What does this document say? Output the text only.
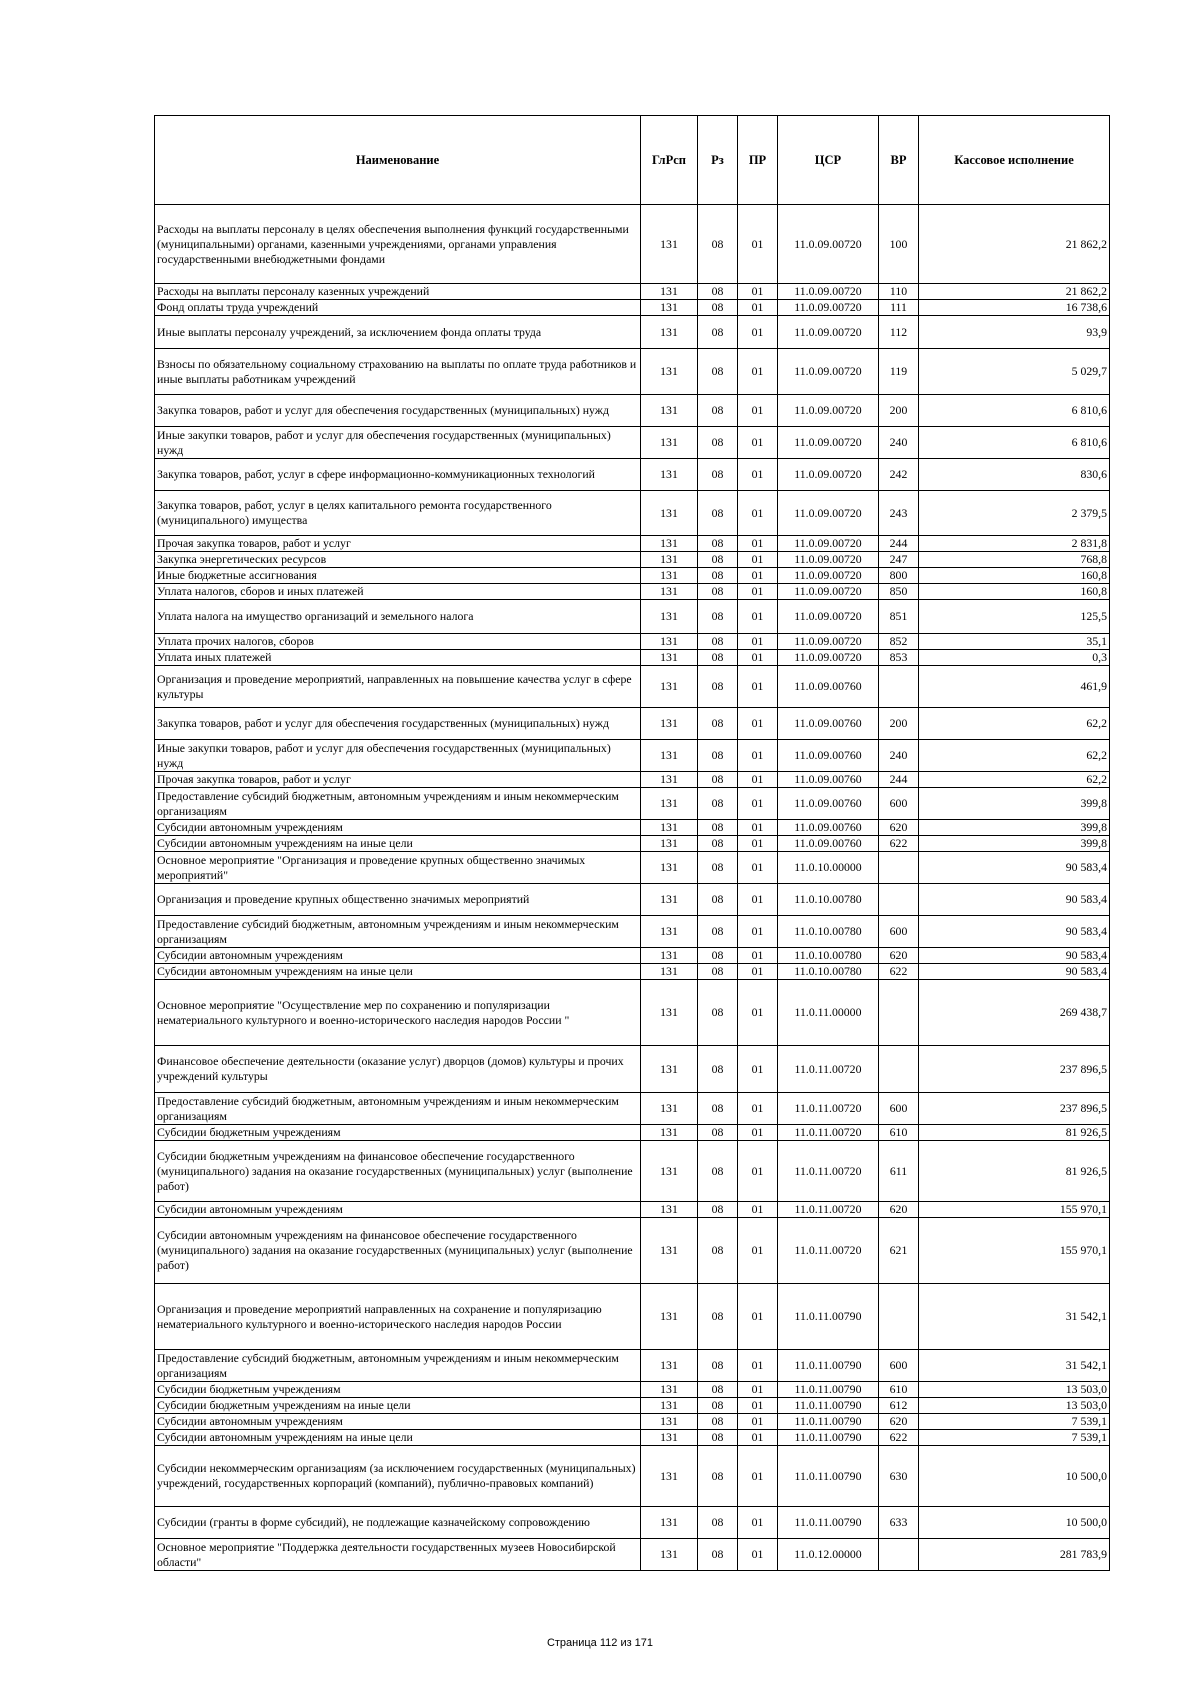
Наименование	ГлРсп	Рз	ПР	ЦСР	ВР	Кассовое исполнение
Расходы на выплаты персоналу в целях обеспечения выполнения функций государственными (муниципальными) органами, казенными учреждениями, органами управления государственными внебюджетными фондами	131	08	01	11.0.09.00720	100	21 862,2
Расходы на выплаты персоналу казенных учреждений	131	08	01	11.0.09.00720	110	21 862,2
Фонд оплаты труда учреждений	131	08	01	11.0.09.00720	111	16 738,6
Иные выплаты персоналу учреждений, за исключением фонда оплаты труда	131	08	01	11.0.09.00720	112	93,9
Взносы по обязательному социальному страхованию на выплаты по оплате труда работников и иные выплаты работникам учреждений	131	08	01	11.0.09.00720	119	5 029,7
Закупка товаров, работ и услуг для обеспечения государственных (муниципальных) нужд	131	08	01	11.0.09.00720	200	6 810,6
Иные закупки товаров, работ и услуг для обеспечения государственных (муниципальных) нужд	131	08	01	11.0.09.00720	240	6 810,6
Закупка товаров, работ, услуг в сфере информационно-коммуникационных технологий	131	08	01	11.0.09.00720	242	830,6
Закупка товаров, работ, услуг в целях капитального ремонта государственного (муниципального) имущества	131	08	01	11.0.09.00720	243	2 379,5
Прочая закупка товаров, работ и услуг	131	08	01	11.0.09.00720	244	2 831,8
Закупка энергетических ресурсов	131	08	01	11.0.09.00720	247	768,8
Иные бюджетные ассигнования	131	08	01	11.0.09.00720	800	160,8
Уплата налогов, сборов и иных платежей	131	08	01	11.0.09.00720	850	160,8
Уплата налога на имущество организаций и земельного налога	131	08	01	11.0.09.00720	851	125,5
Уплата прочих налогов, сборов	131	08	01	11.0.09.00720	852	35,1
Уплата иных платежей	131	08	01	11.0.09.00720	853	0,3
Организация и проведение мероприятий, направленных на повышение качества услуг в сфере культуры	131	08	01	11.0.09.00760		461,9
Закупка товаров, работ и услуг для обеспечения государственных (муниципальных) нужд	131	08	01	11.0.09.00760	200	62,2
Иные закупки товаров, работ и услуг для обеспечения государственных (муниципальных) нужд	131	08	01	11.0.09.00760	240	62,2
Прочая закупка товаров, работ и услуг	131	08	01	11.0.09.00760	244	62,2
Предоставление субсидий бюджетным, автономным учреждениям и иным некоммерческим организациям	131	08	01	11.0.09.00760	600	399,8
Субсидии автономным учреждениям	131	08	01	11.0.09.00760	620	399,8
Субсидии автономным учреждениям на иные цели	131	08	01	11.0.09.00760	622	399,8
Основное мероприятие "Организация и проведение крупных общественно значимых мероприятий"	131	08	01	11.0.10.00000		90 583,4
Организация и проведение крупных общественно значимых мероприятий	131	08	01	11.0.10.00780		90 583,4
Предоставление субсидий бюджетным, автономным учреждениям и иным некоммерческим организациям	131	08	01	11.0.10.00780	600	90 583,4
Субсидии автономным учреждениям	131	08	01	11.0.10.00780	620	90 583,4
Субсидии автономным учреждениям на иные цели	131	08	01	11.0.10.00780	622	90 583,4
Основное мероприятие "Осуществление мер по сохранению и популяризации нематериального культурного и военно-исторического наследия народов России "	131	08	01	11.0.11.00000		269 438,7
Финансовое обеспечение деятельности (оказание услуг) дворцов (домов) культуры и прочих учреждений культуры	131	08	01	11.0.11.00720		237 896,5
Предоставление субсидий бюджетным, автономным учреждениям и иным некоммерческим организациям	131	08	01	11.0.11.00720	600	237 896,5
Субсидии бюджетным учреждениям	131	08	01	11.0.11.00720	610	81 926,5
Субсидии бюджетным учреждениям на финансовое обеспечение государственного (муниципального) задания на оказание государственных (муниципальных) услуг (выполнение работ)	131	08	01	11.0.11.00720	611	81 926,5
Субсидии автономным учреждениям	131	08	01	11.0.11.00720	620	155 970,1
Субсидии автономным учреждениям на финансовое обеспечение государственного (муниципального) задания на оказание государственных (муниципальных) услуг (выполнение работ)	131	08	01	11.0.11.00720	621	155 970,1
Организация и проведение мероприятий направленных на сохранение и популяризацию нематериального культурного и военно-исторического наследия народов России	131	08	01	11.0.11.00790		31 542,1
Предоставление субсидий бюджетным, автономным учреждениям и иным некоммерческим организациям	131	08	01	11.0.11.00790	600	31 542,1
Субсидии бюджетным учреждениям	131	08	01	11.0.11.00790	610	13 503,0
Субсидии бюджетным учреждениям на иные цели	131	08	01	11.0.11.00790	612	13 503,0
Субсидии автономным учреждениям	131	08	01	11.0.11.00790	620	7 539,1
Субсидии автономным учреждениям на иные цели	131	08	01	11.0.11.00790	622	7 539,1
Субсидии некоммерческим организациям (за исключением государственных (муниципальных) учреждений, государственных корпораций (компаний), публично-правовых компаний)	131	08	01	11.0.11.00790	630	10 500,0
Субсидии (гранты в форме субсидий), не подлежащие казначейскому сопровождению	131	08	01	11.0.11.00790	633	10 500,0
Основное мероприятие "Поддержка деятельности государственных музеев Новосибирской области"	131	08	01	11.0.12.00000		281 783,9
Страница 112 из 171
